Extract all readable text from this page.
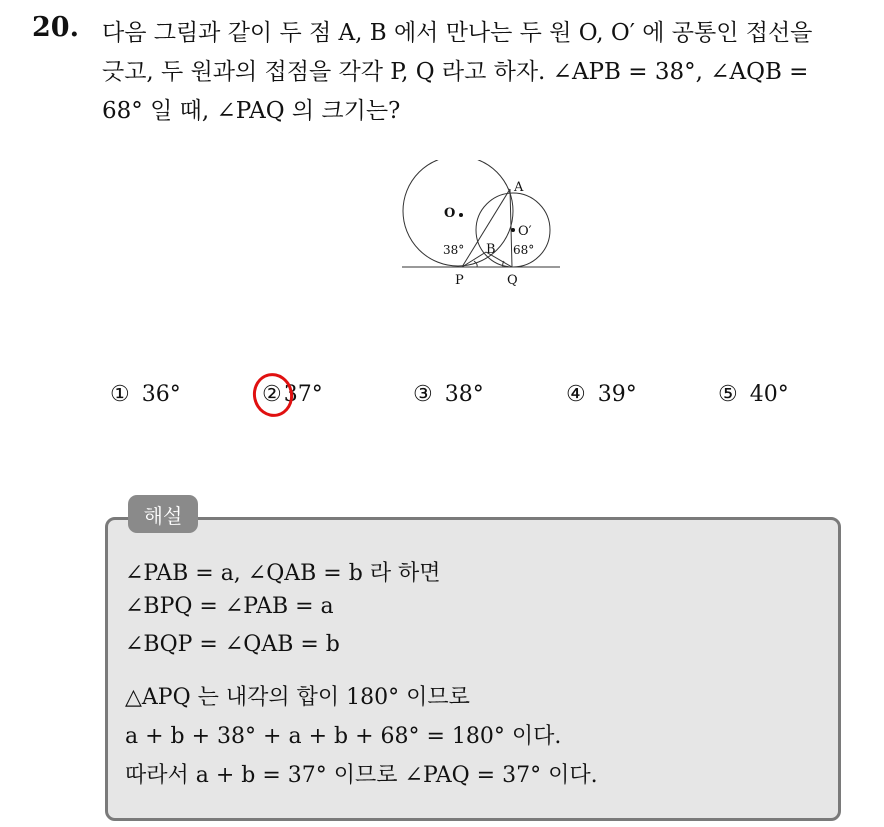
20. 다음 그림과 같이 두 점 A, B 에서 만나는 두 원 O, O′ 에 공통인 접선을
긋고, 두 원과의 접점을 각각 P, Q 라고 하자. ∠APB = 38°, ∠AQB =
68° 일 때, ∠PAQ 의 크기는?
A
B
O
O′
P	Q
38°	68°
① 36°	②37°	③ 38°	④ 39°	⑤ 40°
해설
∠PAB = a, ∠QAB = b 라 하면
∠BPQ = ∠PAB = a
∠BQP = ∠QAB = b
△APQ 는 내각의 합이 180° 이므로
a + b + 38° + a + b + 68° = 180° 이다.
따라서 a + b = 37° 이므로 ∠PAQ = 37° 이다.
